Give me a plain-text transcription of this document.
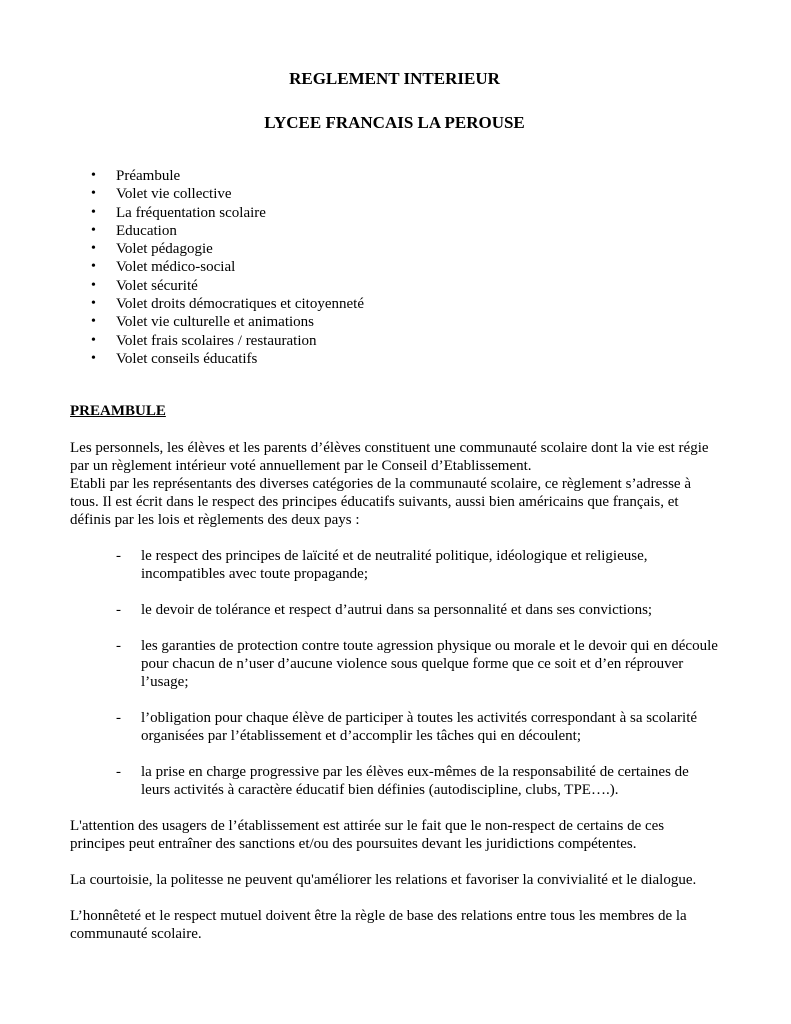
REGLEMENT INTERIEUR
LYCEE FRANCAIS LA PEROUSE
• Préambule
• Volet vie collective
• La fréquentation scolaire
• Education
• Volet pédagogie
• Volet médico-social
• Volet sécurité
• Volet droits démocratiques et citoyenneté
• Volet vie culturelle et animations
• Volet frais scolaires / restauration
• Volet conseils éducatifs
PREAMBULE

Les personnels, les élèves et les parents d’élèves constituent une communauté scolaire dont la vie est régie par un règlement intérieur voté annuellement par le Conseil d’Etablissement.

Etabli par les représentants des diverses catégories de la communauté scolaire, ce règlement s’adresse à tous. Il est écrit dans le respect des principes éducatifs suivants, aussi bien américains que français, et définis par les lois et règlements des deux pays :

- le respect des principes de laïcité et de neutralité politique, idéologique et religieuse, incompatibles avec toute propagande;
- le devoir de tolérance et respect d’autrui dans sa personnalité et dans ses convictions;
- les garanties de protection contre toute agression physique ou morale et le devoir qui en découle pour chacun de n’user d’aucune violence sous quelque forme que ce soit et d’en réprouver l’usage;
- l’obligation pour chaque élève de participer à toutes les activités correspondant à sa scolarité organisées par l’établissement et d’accomplir les tâches qui en découlent;
- la prise en charge progressive par les élèves eux-mêmes de la responsabilité de certaines de leurs activités à caractère éducatif bien définies (autodiscipline, clubs, TPE….).

L'attention des usagers de l’établissement est attirée sur le fait que le non-respect de certains de ces principes peut entraîner des sanctions et/ou des poursuites devant les juridictions compétentes.

La courtoisie, la politesse ne peuvent qu'améliorer les relations et favoriser la convivialité et le dialogue.

L’honnêteté et le respect mutuel doivent être la règle de base des relations entre tous les membres de la communauté scolaire.
